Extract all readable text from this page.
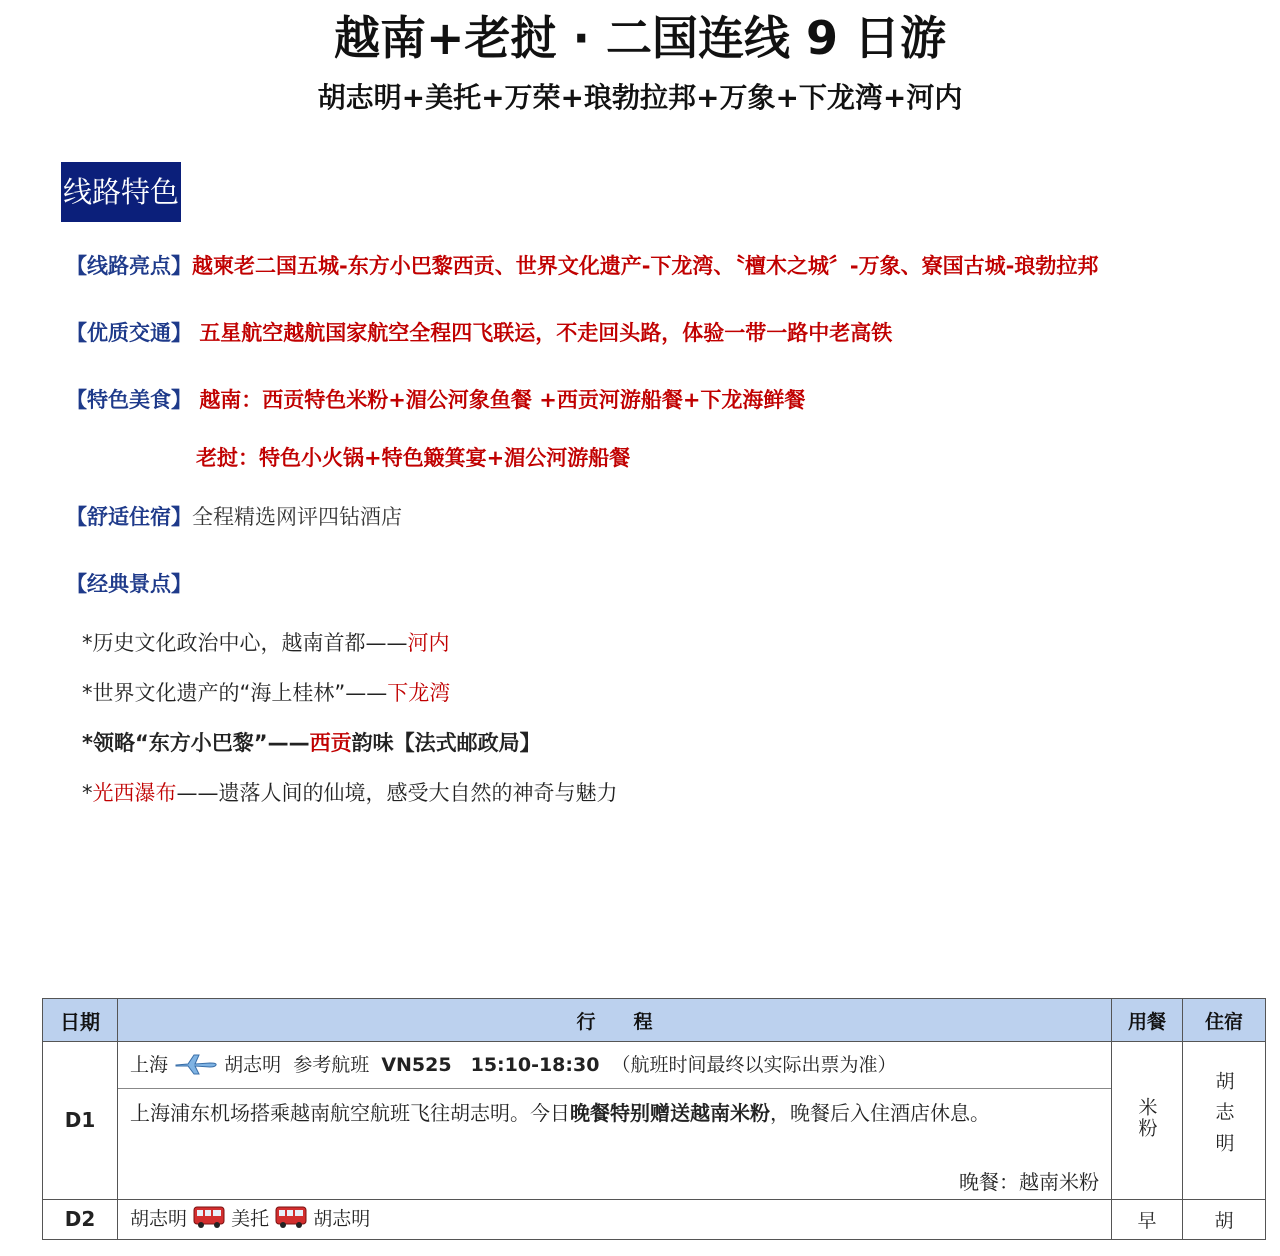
越南+老挝 · 二国连线 9 日游
胡志明+美托+万荣+琅勃拉邦+万象+下龙湾+河内
线路特色
【线路亮点】越柬老二国五城-东方小巴黎西贡、世界文化遗产-下龙湾、〝檀木之城〞-万象、寮国古城-琅勃拉邦
【优质交通】 五星航空越航国家航空全程四飞联运，不走回头路，体验一带一路中老高铁
【特色美食】 越南：西贡特色米粉+湄公河象鱼餐 +西贡河游船餐+下龙海鲜餐
老挝：特色小火锅+特色簸箕宴+湄公河游船餐
【舒适住宿】全程精选网评四钻酒店
【经典景点】
*历史文化政治中心，越南首都——河内
*世界文化遗产的“海上桂林”——下龙湾
*领略“东方小巴黎”——西贡韵味【法式邮政局】
*光西瀑布——遗落人间的仙境，感受大自然的神奇与魅力
日期	行　　程	用餐	住宿
D1	上海 胡志明 参考航班 VN525　15:10-18:30 （航班时间最终以实际出票为准）
上海浦东机场搭乘越南航空航班飞往胡志明。今日晚餐特别赠送越南米粉，晚餐后入住酒店休息。
晚餐：越南米粉	米粉	胡志明
D2	胡志明 美托 胡志明	早	胡
